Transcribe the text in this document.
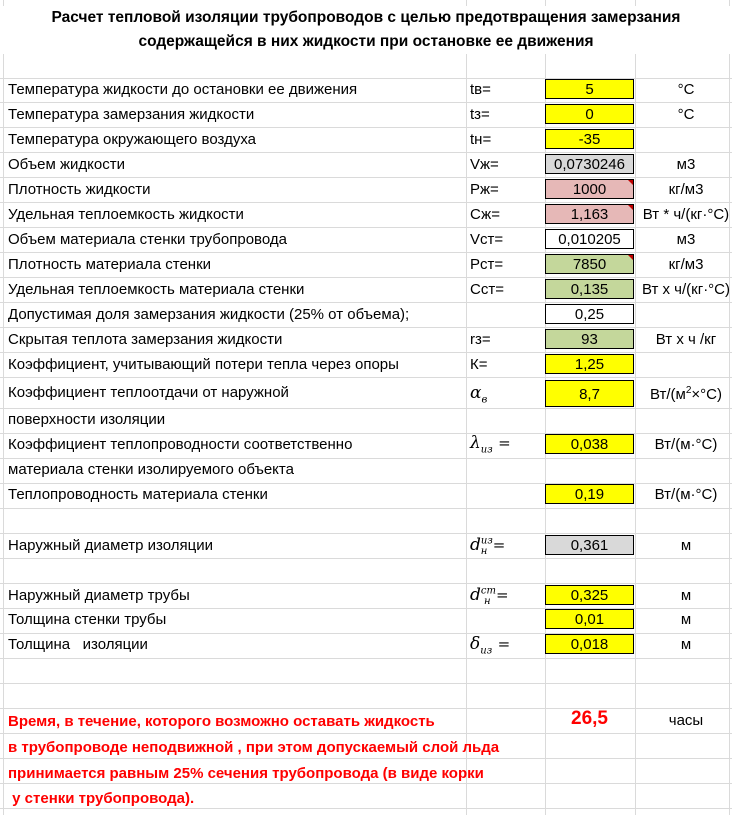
Расчет тепловой изоляции трубопроводов с целью предотвращения замерзания
содержащейся в них жидкости при остановке ее движения
Температура жидкости до остановки ее движения	tв=	5	°C
Температура замерзания жидкости	tз=	0	°C
Температура окружающего воздуха	tн=	-35
Объем жидкости	Vж=	0,0730246	м3
Плотность жидкости	Рж=	1000	кг/м3
Удельная теплоемкость жидкости	Сж=	1,163	Вт * ч/(кг·°C)
Объем материала стенки трубопровода	Vст=	0,010205	м3
Плотность материала стенки	Рст=	7850	кг/м3
Удельная теплоемкость материала стенки	Сст=	0,135	Вт х ч/(кг·°C)
Допустимая доля замерзания жидкости (25% от объема);	0,25
Скрытая теплота замерзания жидкости	rз=	93	Вт х ч /кг
Коэффициент, учитывающий потери тепла через опоры	К=	1,25
Коэффициент теплоотдачи от наружной
поверхности изоляции
$\alpha_в$	8,7	$Вт/(м^2\times^\circ C)$
Коэффициент теплопроводности соответственно
материала стенки изолируемого объекта
$\lambda_{из}$ =	0,038	Вт/(м·°C)
Теплопроводность материала стенки	0,19	Вт/(м·°C)
Наружный диаметр изоляции	$d^{из}_н$ =	0,361	м
Наружный диаметр трубы	$d^{ст}_н$ =	0,325	м
Толщина стенки трубы	0,01	м
Толщина   изоляции	$\delta_{из}$ =	0,018	м
Время, в течение, которого возможно оставать жидкость
в трубопроводе неподвижной , при этом допускаемый слой льда
принимается равным 25% сечения трубопровода (в виде корки
у стенки трубопровода).
26,5	часы
